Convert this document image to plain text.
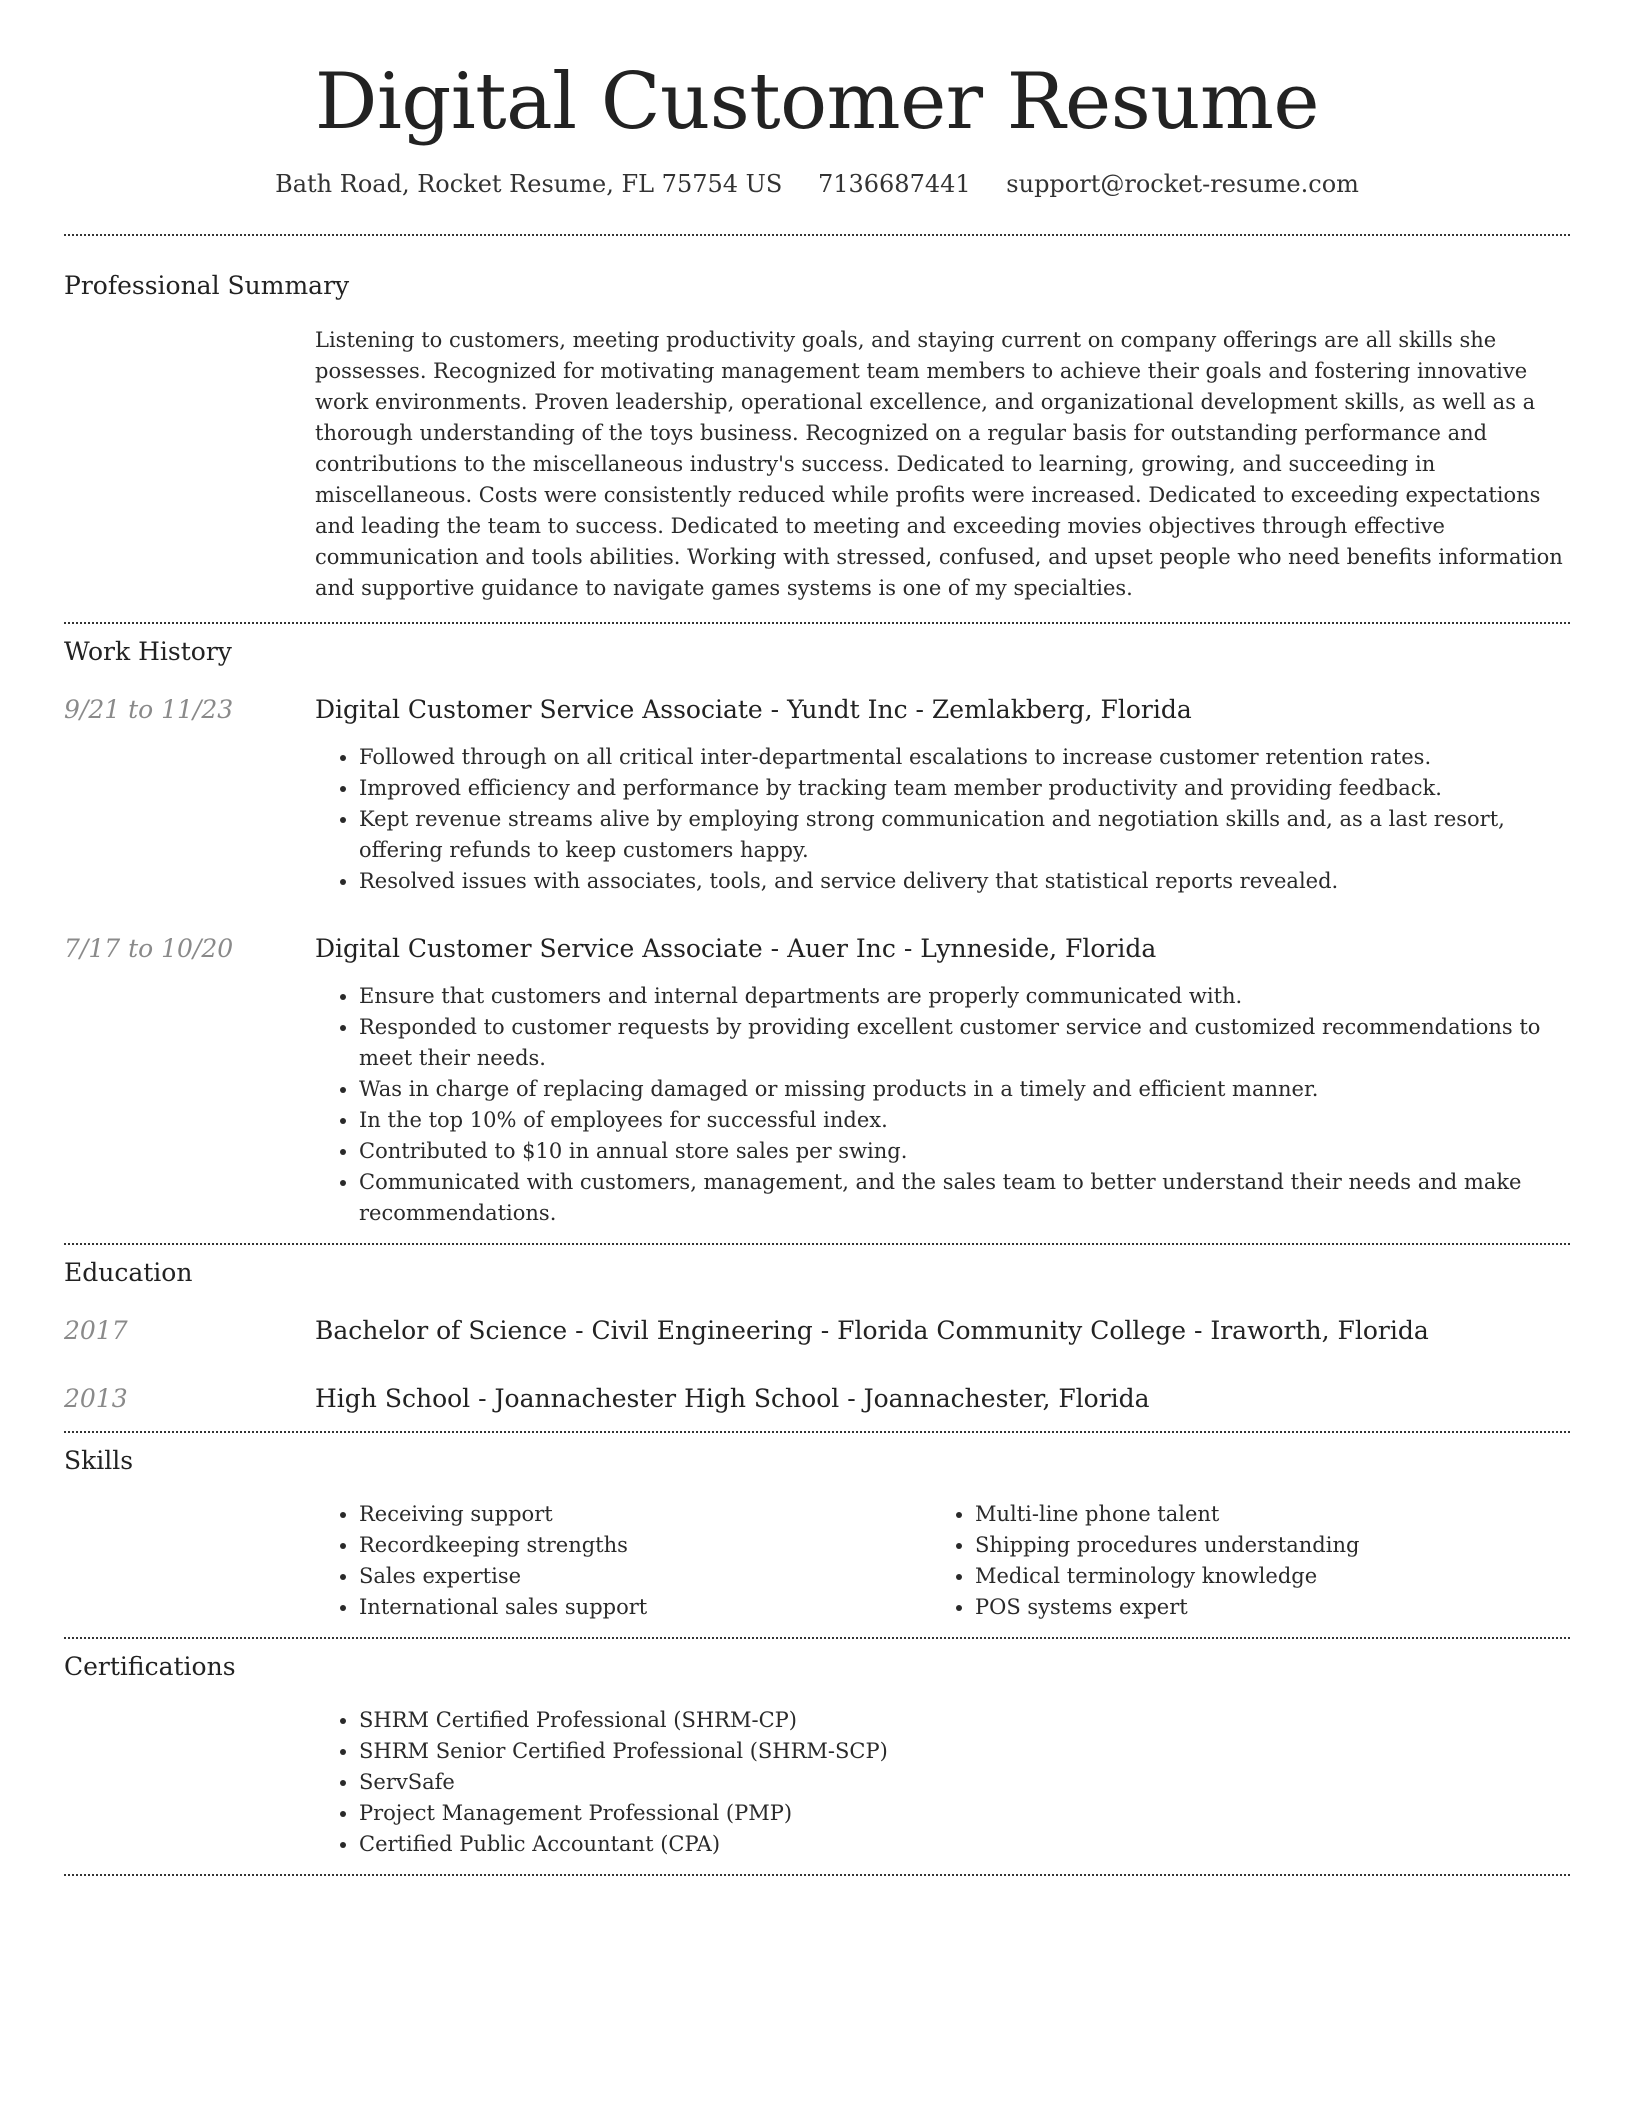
Digital Customer Resume
Bath Road, Rocket Resume, FL 75754 US 7136687441 support@rocket-resume.com
Professional Summary

Listening to customers, meeting productivity goals, and staying current on company offerings are all skills she possesses. Recognized for motivating management team members to achieve their goals and fostering innovative work environments. Proven leadership, operational excellence, and organizational development skills, as well as a thorough understanding of the toys business. Recognized on a regular basis for outstanding performance and contributions to the miscellaneous industry's success. Dedicated to learning, growing, and succeeding in miscellaneous. Costs were consistently reduced while profits were increased. Dedicated to exceeding expectations and leading the team to success. Dedicated to meeting and exceeding movies objectives through effective communication and tools abilities. Working with stressed, confused, and upset people who need benefits information and supportive guidance to navigate games systems is one of my specialties.

Work History
9/21 to 11/23	Digital Customer Service Associate - Yundt Inc - Zemlakberg, Florida
• Followed through on all critical inter-departmental escalations to increase customer retention rates.
• Improved efficiency and performance by tracking team member productivity and providing feedback.
• Kept revenue streams alive by employing strong communication and negotiation skills and, as a last resort, offering refunds to keep customers happy.
• Resolved issues with associates, tools, and service delivery that statistical reports revealed.
7/17 to 10/20	Digital Customer Service Associate - Auer Inc - Lynneside, Florida
• Ensure that customers and internal departments are properly communicated with.
• Responded to customer requests by providing excellent customer service and customized recommendations to meet their needs.
• Was in charge of replacing damaged or missing products in a timely and efficient manner.
• In the top 10% of employees for successful index.
• Contributed to $10 in annual store sales per swing.
• Communicated with customers, management, and the sales team to better understand their needs and make recommendations.
Education
2017	Bachelor of Science - Civil Engineering - Florida Community College - Iraworth, Florida
2013	High School - Joannachester High School - Joannachester, Florida
Skills
• Receiving support
• Recordkeeping strengths
• Sales expertise
• International sales support
• Multi-line phone talent
• Shipping procedures understanding
• Medical terminology knowledge
• POS systems expert
Certifications
• SHRM Certified Professional (SHRM-CP)
• SHRM Senior Certified Professional (SHRM-SCP)
• ServSafe
• Project Management Professional (PMP)
• Certified Public Accountant (CPA)
